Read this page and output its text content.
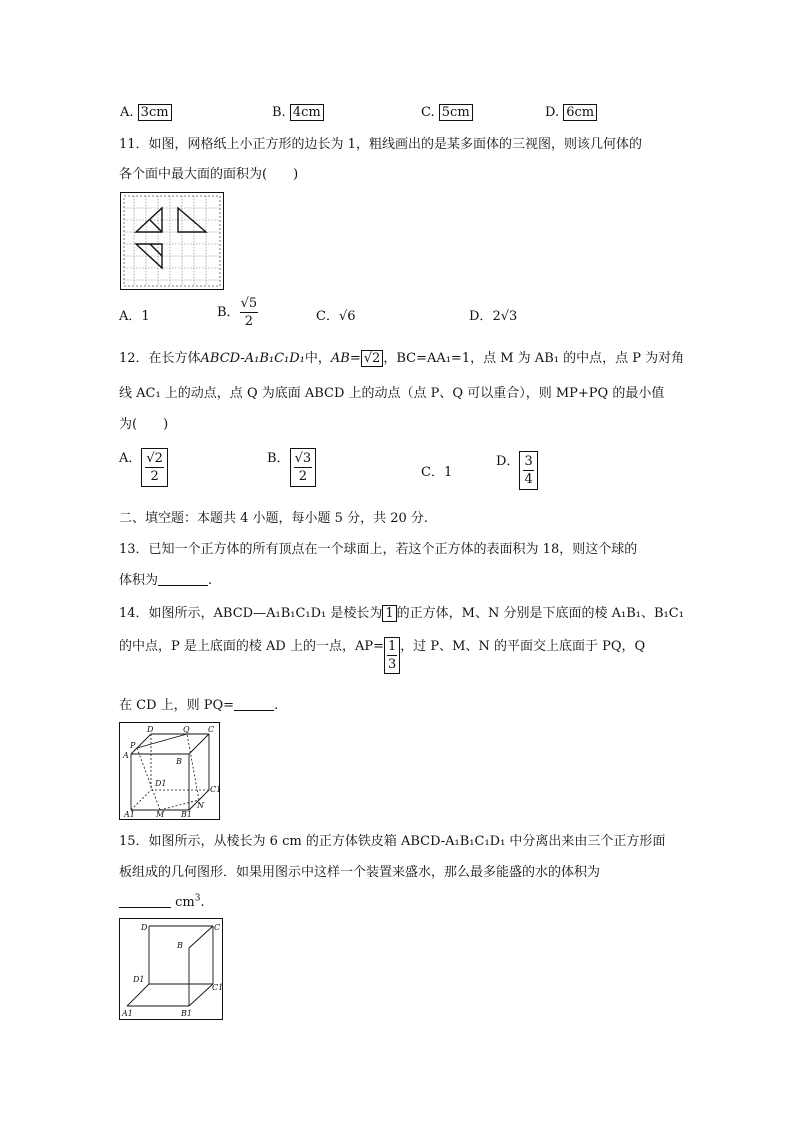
A. 3cm	B. 4cm	C. 5cm	D. 6cm
11．如图，网格纸上小正方形的边长为 1，粗线画出的是某多面体的三视图，则该几何体的
各个面中最大面的面积为(　　)
A．1	B． $\frac{√5}{2}$	C．√6	D．2√3
12．在长方体ABCD-A₁B₁C₁D₁中，AB= √2 ，BC=AA₁=1，点 M 为 AB₁ 的中点，点 P 为对角
线 AC₁ 上的动点，点 Q 为底面 ABCD 上的动点（点 P、Q 可以重合），则 MP+PQ 的最小值
为(　　)
A． $\frac{√2}{2}$	B． $\frac{√3}{2}$	C．1
D． $\frac{3}{4}$
二、填空题：本题共 4 小题，每小题 5 分，共 20 分.
13．已知一个正方体的所有顶点在一个球面上，若这个正方体的表面积为 18，则这个球的
体积为	.
14．如图所示，ABCD—A₁B₁C₁D₁ 是棱长为 1 的正方体，M、N 分别是下底面的棱 A₁B₁、B₁C₁
的中点，P 是上底面的棱 AD 上的一点，$AP= \frac{1}{3}$ ，过 P、M、N 的平面交上底面于 PQ，Q
在 CD 上，则 PQ=	.
D	Q C
P
A
B
D1
C1
A1	M B1
N
15．如图所示，从棱长为 6 cm 的正方体铁皮箱 ABCD-A₁B₁C₁D₁ 中分离出来由三个正方形面
板组成的几何图形．如果用图示中这样一个装置来盛水，那么最多能盛的水的体积为
$cm^3$.
D	C
B
D1
C1
A1	B1
